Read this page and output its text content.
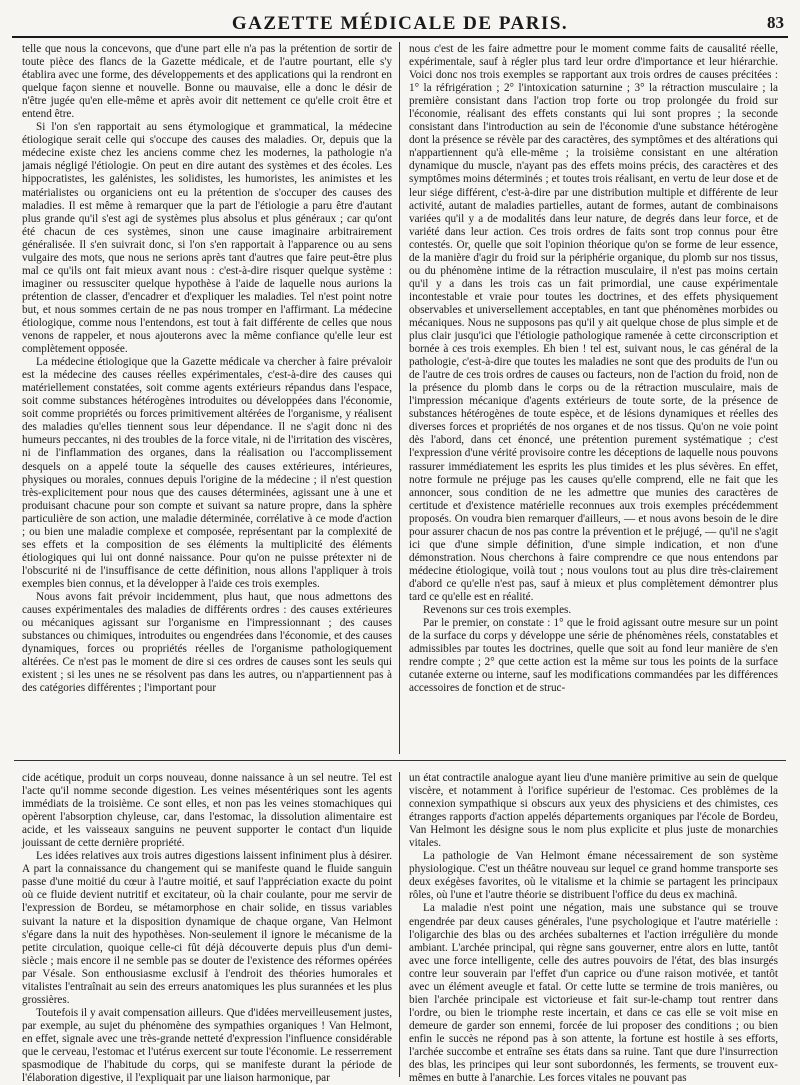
GAZETTE MÉDICALE DE PARIS.	83

telle que nous la concevons, que d'une part elle n'a pas la prétention de sortir de toute pièce des flancs de la Gazette médicale, et de l'autre pourtant, elle s'y établira avec une forme, des développements et des applications qui la rendront en quelque façon sienne et nouvelle. Bonne ou mauvaise, elle a donc le désir de n'être jugée qu'en elle-même et après avoir dit nettement ce qu'elle croit être et entend être.

Si l'on s'en rapportait au sens étymologique et grammatical, la médecine étiologique serait celle qui s'occupe des causes des maladies. Or, depuis que la médecine existe chez les anciens comme chez les modernes, la pathologie n'a jamais négligé l'étiologie. On peut en dire autant des systèmes et des écoles. Les hippocratistes, les galénistes, les solidistes, les humoristes, les animistes et les matérialistes ou organiciens ont eu la prétention de s'occuper des causes des maladies. Il est même à remarquer que la part de l'étiologie a paru être d'autant plus grande qu'il s'est agi de systèmes plus absolus et plus généraux ; car qu'ont été chacun de ces systèmes, sinon une cause imaginaire arbitrairement généralisée. Il s'en suivrait donc, si l'on s'en rapportait à l'apparence ou au sens vulgaire des mots, que nous ne serions après tant d'autres que faire peut-être plus mal ce qu'ils ont fait mieux avant nous : c'est-à-dire risquer quelque système : imaginer ou ressusciter quelque hypothèse à l'aide de laquelle nous aurions la prétention de classer, d'encadrer et d'expliquer les maladies. Tel n'est point notre but, et nous sommes certain de ne pas nous tromper en l'affirmant. La médecine étiologique, comme nous l'entendons, est tout à fait différente de celles que nous venons de rappeler, et nous ajouterons avec la même confiance qu'elle leur est complètement opposée.

La médecine étiologique que la Gazette médicale va chercher à faire prévaloir est la médecine des causes réelles expérimentales, c'est-à-dire des causes qui matériellement constatées, soit comme agents extérieurs répandus dans l'espace, soit comme substances hétérogènes introduites ou développées dans l'économie, soit comme propriétés ou forces primitivement altérées de l'organisme, y réalisent des maladies qu'elles tiennent sous leur dépendance. Il ne s'agit donc ni des humeurs peccantes, ni des troubles de la force vitale, ni de l'irritation des viscères, ni de l'inflammation des organes, dans la réalisation ou l'accomplissement desquels on a appelé toute la séquelle des causes extérieures, intérieures, physiques ou morales, connues depuis l'origine de la médecine ; il n'est question très-explicitement pour nous que des causes déterminées, agissant une à une et produisant chacune pour son compte et suivant sa nature propre, dans la sphère particulière de son action, une maladie déterminée, corrélative à ce mode d'action ; ou bien une maladie complexe et composée, représentant par la complexité de ses effets et la composition de ses éléments la multiplicité des éléments étiologiques qui lui ont donné naissance. Pour qu'on ne puisse prétexter ni de l'obscurité ni de l'insuffisance de cette définition, nous allons l'appliquer à trois exemples bien connus, et la développer à l'aide ces trois exemples.

Nous avons fait prévoir incidemment, plus haut, que nous admettons des causes expérimentales des maladies de différents ordres : des causes extérieures ou mécaniques agissant sur l'organisme en l'impressionnant ; des causes substances ou chimiques, introduites ou engendrées dans l'économie, et des causes dynamiques, forces ou propriétés réelles de l'organisme pathologiquement altérées. Ce n'est pas le moment de dire si ces ordres de causes sont les seuls qui existent ; si les unes ne se résolvent pas dans les autres, ou n'appartiennent pas à des catégories différentes ; l'important pour

nous c'est de les faire admettre pour le moment comme faits de causalité réelle, expérimentale, sauf à régler plus tard leur ordre d'importance et leur hiérarchie. Voici donc nos trois exemples se rapportant aux trois ordres de causes précitées : 1° la réfrigération ; 2° l'intoxication saturnine ; 3° la rétraction musculaire ; la première consistant dans l'action trop forte ou trop prolongée du froid sur l'économie, réalisant des effets constants qui lui sont propres ; la seconde consistant dans l'introduction au sein de l'économie d'une substance hétérogène dont la présence se révèle par des caractères, des symptômes et des altérations qui n'appartiennent qu'à elle-même ; la troisième consistant en une altération dynamique du muscle, n'ayant pas des effets moins précis, des caractères et des symptômes moins déterminés ; et toutes trois réalisant, en vertu de leur dose et de leur siége différent, c'est-à-dire par une distribution multiple et différente de leur activité, autant de maladies partielles, autant de formes, autant de combinaisons variées qu'il y a de modalités dans leur nature, de degrés dans leur force, et de variété dans leur action. Ces trois ordres de faits sont trop connus pour être contestés. Or, quelle que soit l'opinion théorique qu'on se forme de leur essence, de la manière d'agir du froid sur la périphérie organique, du plomb sur nos tissus, ou du phénomène intime de la rétraction musculaire, il n'est pas moins certain qu'il y a dans les trois cas un fait primordial, une cause expérimentale incontestable et vraie pour toutes les doctrines, et des effets physiquement observables et universellement acceptables, en tant que phénomènes morbides ou mécaniques. Nous ne supposons pas qu'il y ait quelque chose de plus simple et de plus clair jusqu'ici que l'étiologie pathologique ramenée à cette circonscription et bornée à ces trois exemples. Eh bien ! tel est, suivant nous, le cas général de la pathologie, c'est-à-dire que toutes les maladies ne sont que des produits de l'un ou de l'autre de ces trois ordres de causes ou facteurs, non de l'action du froid, non de la présence du plomb dans le corps ou de la rétraction musculaire, mais de l'impression mécanique d'agents extérieurs de toute sorte, de la présence de substances hétérogènes de toute espèce, et de lésions dynamiques et réelles des diverses forces et propriétés de nos organes et de nos tissus. Qu'on ne voie point dès l'abord, dans cet énoncé, une prétention purement systématique ; c'est l'expression d'une vérité provisoire contre les déceptions de laquelle nous pouvons rassurer immédiatement les esprits les plus timides et les plus sévères. En effet, notre formule ne préjuge pas les causes qu'elle comprend, elle ne fait que les annoncer, sous condition de ne les admettre que munies des caractères de certitude et d'existence matérielle reconnues aux trois exemples précédemment proposés. On voudra bien remarquer d'ailleurs, — et nous avons besoin de le dire pour assurer chacun de nos pas contre la prévention et le préjugé, — qu'il ne s'agit ici que d'une simple définition, d'une simple indication, et non d'une démonstration. Nous cherchons à faire comprendre ce que nous entendons par médecine étiologique, voilà tout ; nous voulons tout au plus dire très-clairement d'abord ce qu'elle n'est pas, sauf à mieux et plus complètement démontrer plus tard ce qu'elle est en réalité.

Revenons sur ces trois exemples.

Par le premier, on constate : 1° que le froid agissant outre mesure sur un point de la surface du corps y développe une série de phénomènes réels, constatables et admissibles par toutes les doctrines, quelle que soit au fond leur manière de s'en rendre compte ; 2° que cette action est la même sur tous les points de la surface cutanée externe ou interne, sauf les modifications commandées par les différences accessoires de fonction et de struc-

cide acétique, produit un corps nouveau, donne naissance à un sel neutre. Tel est l'acte qu'il nomme seconde digestion. Les veines mésentériques sont les agents immédiats de la troisième. Ce sont elles, et non pas les veines stomachiques qui opèrent l'absorption chyleuse, car, dans l'estomac, la dissolution alimentaire est acide, et les vaisseaux sanguins ne peuvent supporter le contact d'un liquide jouissant de cette dernière propriété.

Les idées relatives aux trois autres digestions laissent infiniment plus à désirer. A part la connaissance du changement qui se manifeste quand le fluide sanguin passe d'une moitié du cœur à l'autre moitié, et sauf l'appréciation exacte du point où ce fluide devient nutritif et excitateur, où la chair coulante, pour me servir de l'expression de Bordeu, se métamorphose en chair solide, en tissus variables suivant la nature et la disposition dynamique de chaque organe, Van Helmont s'égare dans la nuit des hypothèses. Non-seulement il ignore le mécanisme de la petite circulation, quoique celle-ci fût déjà découverte depuis plus d'un demi-siècle ; mais encore il ne semble pas se douter de l'existence des réformes opérées par Vésale. Son enthousiasme exclusif à l'endroit des théories humorales et vitalistes l'entraînait au sein des erreurs anatomiques les plus surannées et les plus grossières.

Toutefois il y avait compensation ailleurs. Que d'idées merveilleusement justes, par exemple, au sujet du phénomène des sympathies organiques ! Van Helmont, en effet, signale avec une très-grande netteté d'expression l'influence considérable que le cerveau, l'estomac et l'utérus exercent sur toute l'économie. Le resserrement spasmodique de l'habitude du corps, qui se manifeste durant la période de l'élaboration digestive, il l'expliquait par une liaison harmonique, par

un état contractile analogue ayant lieu d'une manière primitive au sein de quelque viscère, et notamment à l'orifice supérieur de l'estomac. Ces problèmes de la connexion sympathique si obscurs aux yeux des physiciens et des chimistes, ces étranges rapports d'action appelés départements organiques par l'école de Bordeu, Van Helmont les désigne sous le nom plus explicite et plus juste de monarchies vitales.

La pathologie de Van Helmont émane nécessairement de son système physiologique. C'est un théâtre nouveau sur lequel ce grand homme transporte ses deux exégèses favorites, où le vitalisme et la chimie se partagent les principaux rôles, où l'une et l'autre théorie se distribuent l'office du deus ex machinâ.

La maladie n'est point une négation, mais une substance qui se trouve engendrée par deux causes générales, l'une psychologique et l'autre matérielle : l'oligarchie des blas ou des archées subalternes et l'action irrégulière du monde ambiant. L'archée principal, qui règne sans gouverner, entre alors en lutte, tantôt avec une force intelligente, celle des autres pouvoirs de l'état, des blas insurgés contre leur souverain par l'effet d'un caprice ou d'une raison motivée, et tantôt avec un élément aveugle et fatal. Or cette lutte se termine de trois manières, ou bien l'archée principale est victorieuse et fait sur-le-champ tout rentrer dans l'ordre, ou bien le triomphe reste incertain, et dans ce cas elle se voit mise en demeure de garder son ennemi, forcée de lui proposer des conditions ; ou bien enfin le succès ne répond pas à son attente, la fortune est hostile à ses efforts, l'archée succombe et entraîne ses états dans sa ruine. Tant que dure l'insurrection des blas, les principes qui leur sont subordonnés, les ferments, se trouvent eux-mêmes en butte à l'anarchie. Les forces vitales ne pouvant pas
